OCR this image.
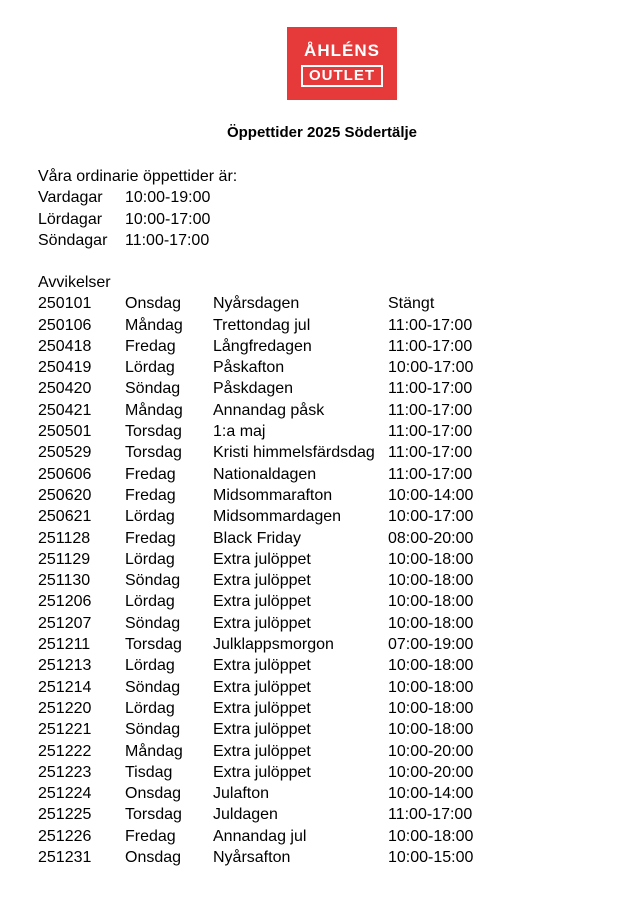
ÅHLÉNS
OUTLET
Öppettider 2025 Södertälje
Våra ordinarie öppettider är:
Vardagar	10:00-19:00
Lördagar	10:00-17:00
Söndagar	11:00-17:00
Avvikelser
250101	Onsdag	Nyårsdagen	Stängt
250106	Måndag	Trettondag jul	11:00-17:00
250418	Fredag	Långfredagen	11:00-17:00
250419	Lördag	Påskafton	10:00-17:00
250420	Söndag	Påskdagen	11:00-17:00
250421	Måndag	Annandag påsk	11:00-17:00
250501	Torsdag	1:a maj	11:00-17:00
250529	Torsdag	Kristi himmelsfärdsdag 11:00-17:00
250606	Fredag	Nationaldagen	11:00-17:00
250620	Fredag	Midsommarafton	10:00-14:00
250621	Lördag	Midsommardagen	10:00-17:00
251128	Fredag	Black Friday	08:00-20:00
251129	Lördag	Extra julöppet	10:00-18:00
251130	Söndag	Extra julöppet	10:00-18:00
251206	Lördag	Extra julöppet	10:00-18:00
251207	Söndag	Extra julöppet	10:00-18:00
251211	Torsdag	Julklappsmorgon	07:00-19:00
251213	Lördag	Extra julöppet	10:00-18:00
251214	Söndag	Extra julöppet	10:00-18:00
251220	Lördag	Extra julöppet	10:00-18:00
251221	Söndag	Extra julöppet	10:00-18:00
251222	Måndag	Extra julöppet	10:00-20:00
251223	Tisdag	Extra julöppet	10:00-20:00
251224	Onsdag	Julafton	10:00-14:00
251225	Torsdag	Juldagen	11:00-17:00
251226	Fredag	Annandag jul	10:00-18:00
251231	Onsdag	Nyårsafton	10:00-15:00
